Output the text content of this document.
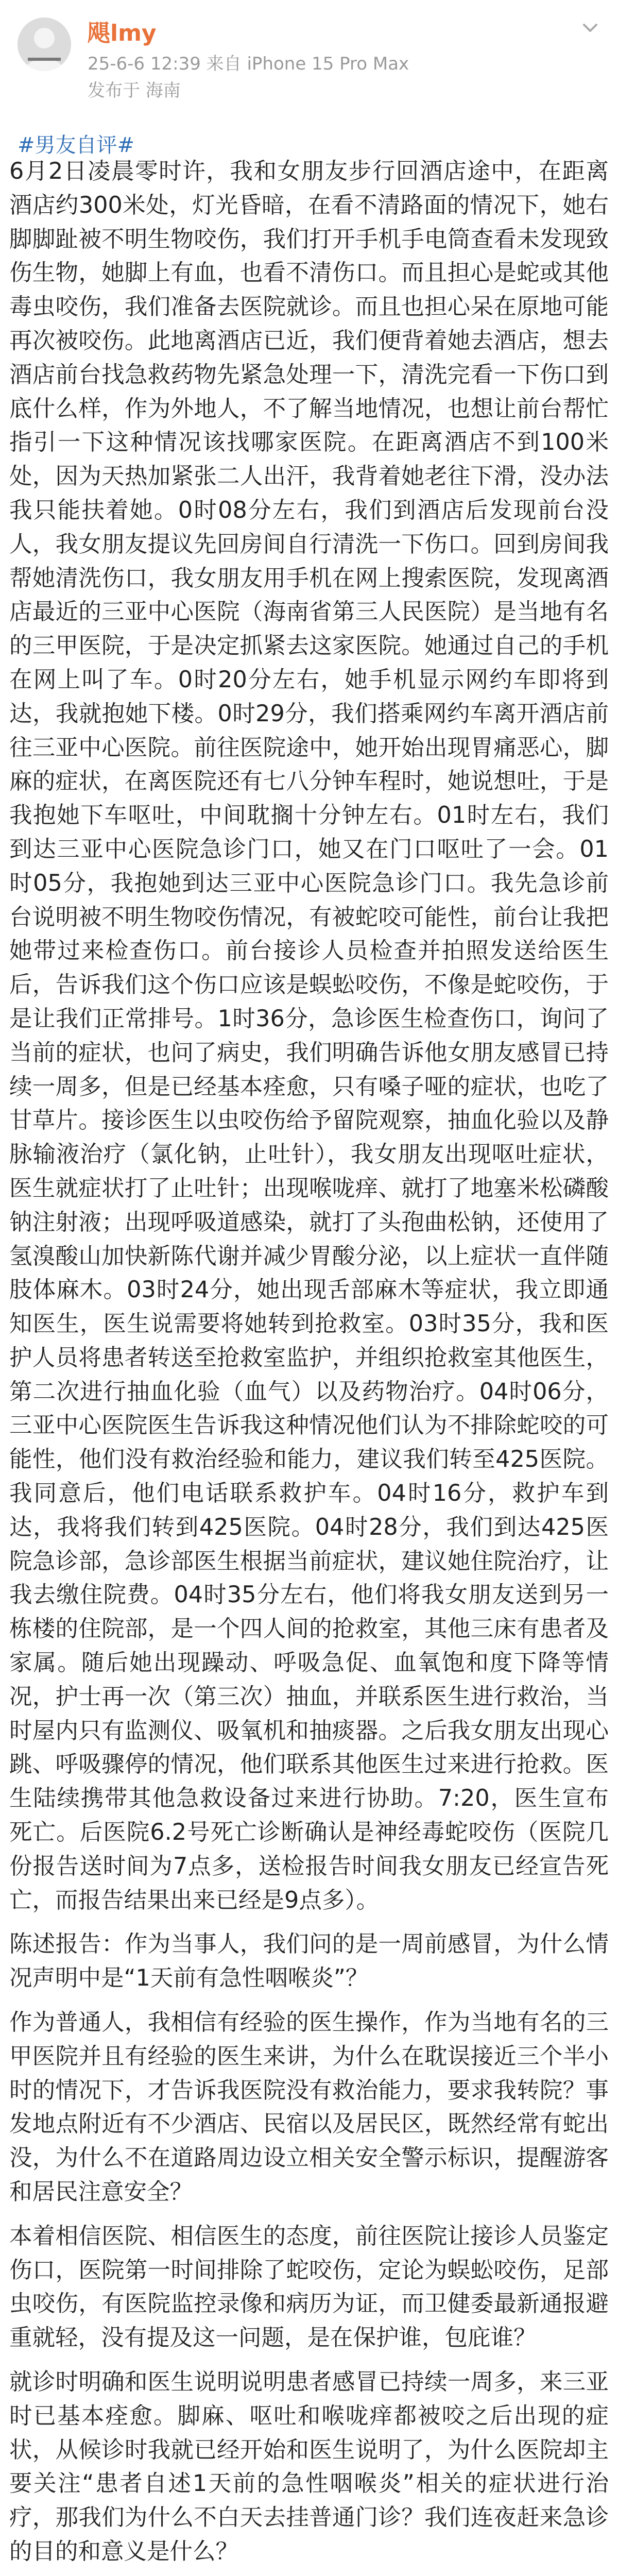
飓lmy
25-6-6 12:39 来自 iPhone 15 Pro Max
发布于 海南
#男友自评#

6月2日凌晨零时许，我和女朋友步行回酒店途中，在距离酒店约300米处，灯光昏暗，在看不清路面的情况下，她右脚脚趾被不明生物咬伤，我们打开手机手电筒查看未发现致伤生物，她脚上有血，也看不清伤口。而且担心是蛇或其他毒虫咬伤，我们准备去医院就诊。而且也担心呆在原地可能再次被咬伤。此地离酒店已近，我们便背着她去酒店，想去酒店前台找急救药物先紧急处理一下，清洗完看一下伤口到底什么样，作为外地人，不了解当地情况，也想让前台帮忙指引一下这种情况该找哪家医院。在距离酒店不到100米处，因为天热加紧张二人出汗，我背着她老往下滑，没办法我只能扶着她。0时08分左右，我们到酒店后发现前台没人，我女朋友提议先回房间自行清洗一下伤口。回到房间我帮她清洗伤口，我女朋友用手机在网上搜索医院，发现离酒店最近的三亚中心医院（海南省第三人民医院）是当地有名的三甲医院，于是决定抓紧去这家医院。她通过自己的手机在网上叫了车。0时20分左右，她手机显示网约车即将到达，我就抱她下楼。0时29分，我们搭乘网约车离开酒店前往三亚中心医院。前往医院途中，她开始出现胃痛恶心，脚麻的症状，在离医院还有七八分钟车程时，她说想吐，于是我抱她下车呕吐，中间耽搁十分钟左右。01时左右，我们到达三亚中心医院急诊门口，她又在门口呕吐了一会。01时05分，我抱她到达三亚中心医院急诊门口。我先急诊前台说明被不明生物咬伤情况，有被蛇咬可能性，前台让我把她带过来检查伤口。前台接诊人员检查并拍照发送给医生后，告诉我们这个伤口应该是蜈蚣咬伤，不像是蛇咬伤，于是让我们正常排号。1时36分，急诊医生检查伤口，询问了当前的症状，也问了病史，我们明确告诉他女朋友感冒已持续一周多，但是已经基本痊愈，只有嗓子哑的症状，也吃了甘草片。接诊医生以虫咬伤给予留院观察，抽血化验以及静脉输液治疗（氯化钠，止吐针），我女朋友出现呕吐症状，医生就症状打了止吐针；出现喉咙痒、就打了地塞米松磷酸钠注射液；出现呼吸道感染，就打了头孢曲松钠，还使用了氢溴酸山加快新陈代谢并减少胃酸分泌，以上症状一直伴随肢体麻木。03时24分，她出现舌部麻木等症状，我立即通知医生，医生说需要将她转到抢救室。03时35分，我和医护人员将患者转送至抢救室监护，并组织抢救室其他医生，第二次进行抽血化验（血气）以及药物治疗。04时06分，三亚中心医院医生告诉我这种情况他们认为不排除蛇咬的可能性，他们没有救治经验和能力，建议我们转至425医院。我同意后，他们电话联系救护车。04时16分，救护车到达，我将我们转到425医院。04时28分，我们到达425医院急诊部，急诊部医生根据当前症状，建议她住院治疗，让我去缴住院费。04时35分左右，他们将我女朋友送到另一栋楼的住院部，是一个四人间的抢救室，其他三床有患者及家属。随后她出现躁动、呼吸急促、血氧饱和度下降等情况，护士再一次（第三次）抽血，并联系医生进行救治，当时屋内只有监测仪、吸氧机和抽痰器。之后我女朋友出现心跳、呼吸骤停的情况，他们联系其他医生过来进行抢救。医生陆续携带其他急救设备过来进行协助。7:20，医生宣布死亡。后医院6.2号死亡诊断确认是神经毒蛇咬伤（医院几份报告送时间为7点多，送检报告时间我女朋友已经宣告死亡，而报告结果出来已经是9点多）。

陈述报告：作为当事人，我们问的是一周前感冒，为什么情况声明中是“1天前有急性咽喉炎”？

作为普通人，我相信有经验的医生操作，作为当地有名的三甲医院并且有经验的医生来讲，为什么在耽误接近三个半小时的情况下，才告诉我医院没有救治能力，要求我转院？事发地点附近有不少酒店、民宿以及居民区，既然经常有蛇出没，为什么不在道路周边设立相关安全警示标识，提醒游客和居民注意安全？

本着相信医院、相信医生的态度，前往医院让接诊人员鉴定伤口，医院第一时间排除了蛇咬伤，定论为蜈蚣咬伤，足部虫咬伤，有医院监控录像和病历为证，而卫健委最新通报避重就轻，没有提及这一问题，是在保护谁，包庇谁？

就诊时明确和医生说明说明患者感冒已持续一周多，来三亚时已基本痊愈。脚麻、呕吐和喉咙痒都被咬之后出现的症状，从候诊时我就已经开始和医生说明了，为什么医院却主要关注“患者自述1天前的急性咽喉炎”相关的症状进行治疗，那我们为什么不白天去挂普通门诊？我们连夜赶来急诊的目的和意义是什么？
